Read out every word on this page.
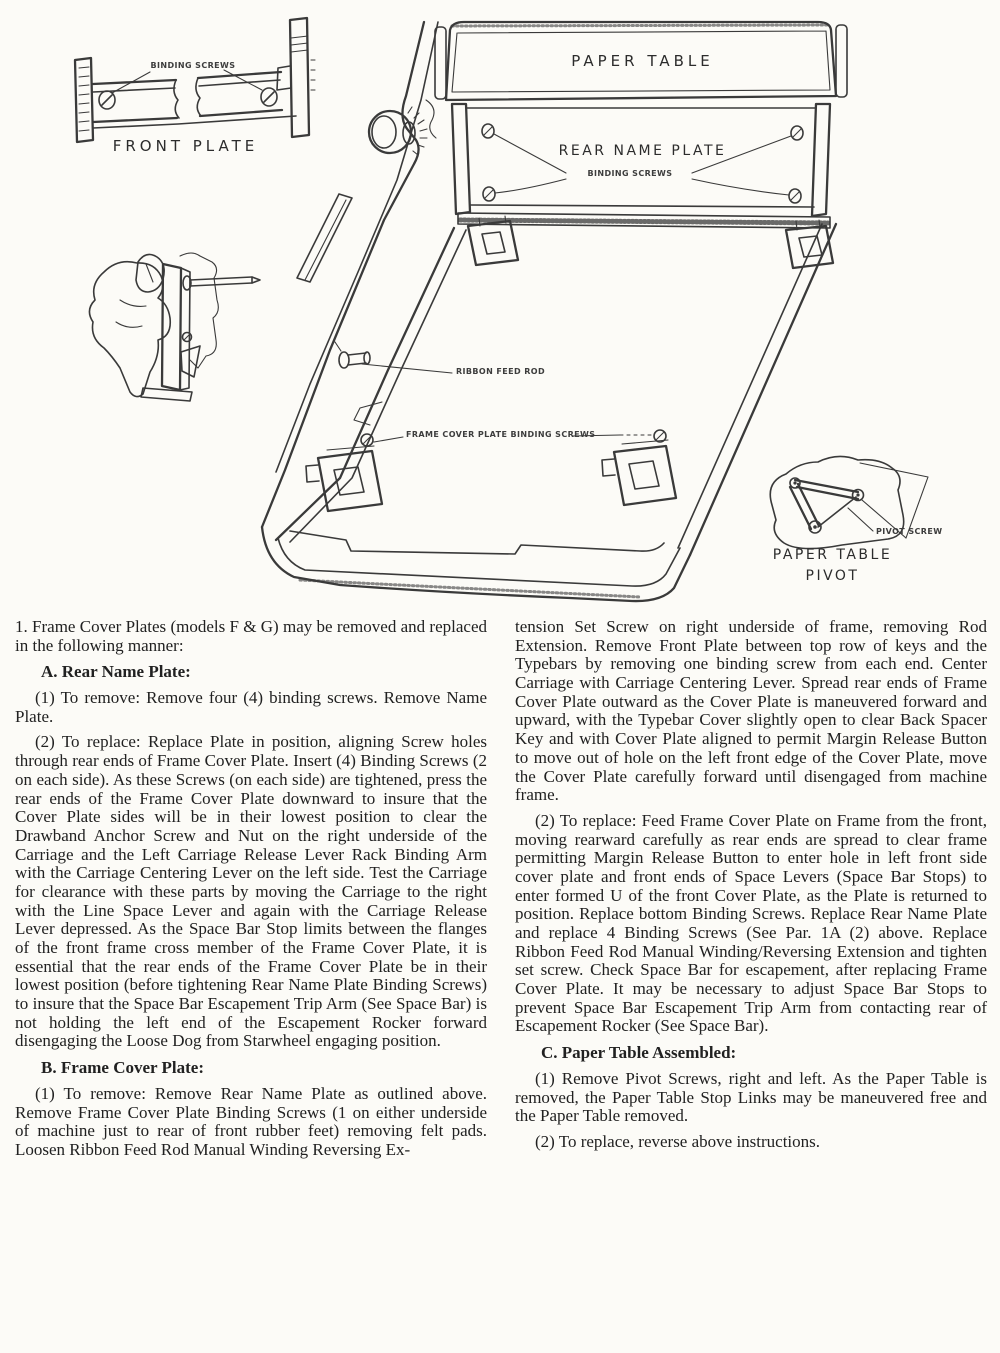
BINDING SCREWS
FRONT PLATE
PAPER TABLE
REAR NAME PLATE
BINDING SCREWS
RIBBON FEED ROD
FRAME COVER PLATE BINDING SCREWS
PIVOT SCREW
PAPER TABLE
PIVOT

1. Frame Cover Plates (models F & G) may be removed and replaced in the following manner:

A. Rear Name Plate:

(1) To remove: Remove four (4) binding screws. Remove Name Plate.

(2) To replace: Replace Plate in position, aligning Screw holes through rear ends of Frame Cover Plate. Insert (4) Binding Screws (2 on each side). As these Screws (on each side) are tightened, press the rear ends of the Frame Cover Plate downward to insure that the Cover Plate sides will be in their lowest position to clear the Drawband Anchor Screw and Nut on the right underside of the Carriage and the Left Carriage Release Lever Rack Binding Arm with the Carriage Centering Lever on the left side. Test the Carriage for clearance with these parts by moving the Carriage to the right with the Line Space Lever and again with the Carriage Release Lever depressed. As the Space Bar Stop limits between the flanges of the front frame cross member of the Frame Cover Plate, it is essential that the rear ends of the Frame Cover Plate be in their lowest position (before tightening Rear Name Plate Binding Screws) to insure that the Space Bar Escapement Trip Arm (See Space Bar) is not holding the left end of the Escapement Rocker forward disengaging the Loose Dog from Starwheel engaging position.

B. Frame Cover Plate:

(1) To remove: Remove Rear Name Plate as outlined above. Remove Frame Cover Plate Binding Screws (1 on either underside of machine just to rear of front rubber feet) removing felt pads. Loosen Ribbon Feed Rod Manual Winding Reversing Ex-

tension Set Screw on right underside of frame, removing Rod Extension. Remove Front Plate between top row of keys and the Typebars by removing one binding screw from each end. Center Carriage with Carriage Centering Lever. Spread rear ends of Frame Cover Plate outward as the Cover Plate is maneuvered forward and upward, with the Typebar Cover slightly open to clear Back Spacer Key and with Cover Plate aligned to permit Margin Release Button to move out of hole on the left front edge of the Cover Plate, move the Cover Plate carefully forward until disengaged from machine frame.

(2) To replace: Feed Frame Cover Plate on Frame from the front, moving rearward carefully as rear ends are spread to clear frame permitting Margin Release Button to enter hole in left front side cover plate and front ends of Space Levers (Space Bar Stops) to enter formed U of the front Cover Plate, as the Plate is returned to position. Replace bottom Binding Screws. Replace Rear Name Plate and replace 4 Binding Screws (See Par. 1A (2) above. Replace Ribbon Feed Rod Manual Winding/Reversing Extension and tighten set screw. Check Space Bar for escapement, after replacing Frame Cover Plate. It may be necessary to adjust Space Bar Stops to prevent Space Bar Escapement Trip Arm from contacting rear of Escapement Rocker (See Space Bar).

C. Paper Table Assembled:

(1) Remove Pivot Screws, right and left. As the Paper Table is removed, the Paper Table Stop Links may be maneuvered free and the Paper Table removed.

(2) To replace, reverse above instructions.
